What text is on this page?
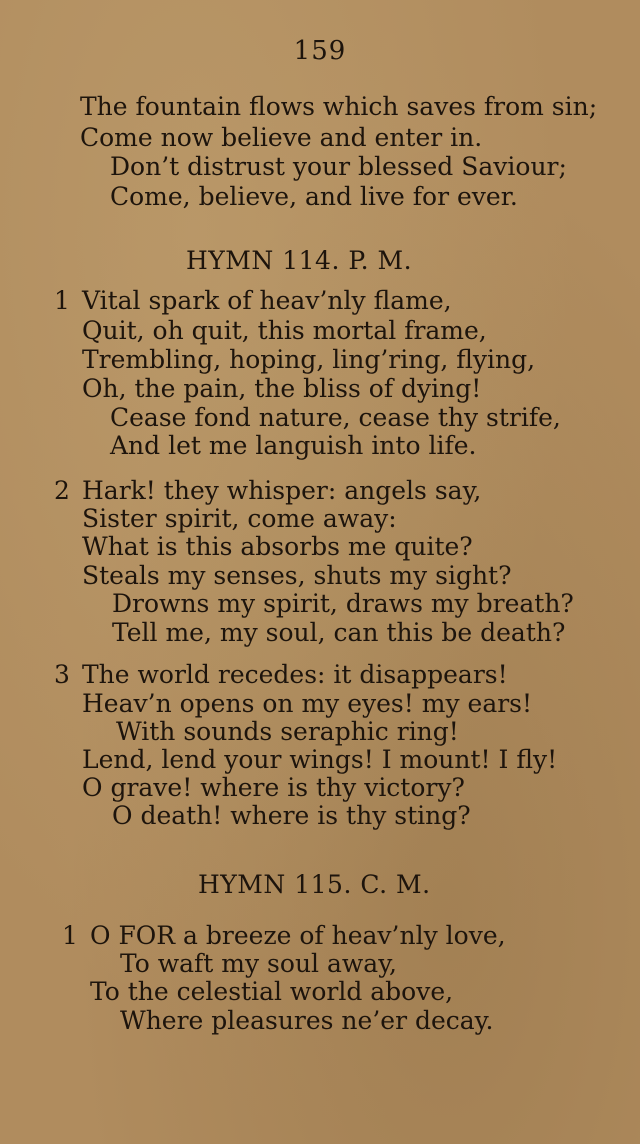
159
The fountain flows which saves from sin;
Come now believe and enter in.
Don’t distrust your blessed Saviour;
Come, believe, and live for ever.
HYMN 114. P. M.
1 Vital spark of heav’nly flame,
Quit, oh quit, this mortal frame,
Trembling, hoping, ling’ring, flying,
Oh, the pain, the bliss of dying!
Cease fond nature, cease thy strife,
And let me languish into life.
2 Hark! they whisper: angels say,
Sister spirit, come away:
What is this absorbs me quite?
Steals my senses, shuts my sight?
Drowns my spirit, draws my breath?
Tell me, my soul, can this be death?
3 The world recedes: it disappears!
Heav’n opens on my eyes! my ears!
With sounds seraphic ring!
Lend, lend your wings! I mount! I fly!
O grave! where is thy victory?
O death! where is thy sting?
HYMN 115. C. M.
1 O FOR a breeze of heav’nly love,
To waft my soul away,
To the celestial world above,
Where pleasures ne’er decay.
